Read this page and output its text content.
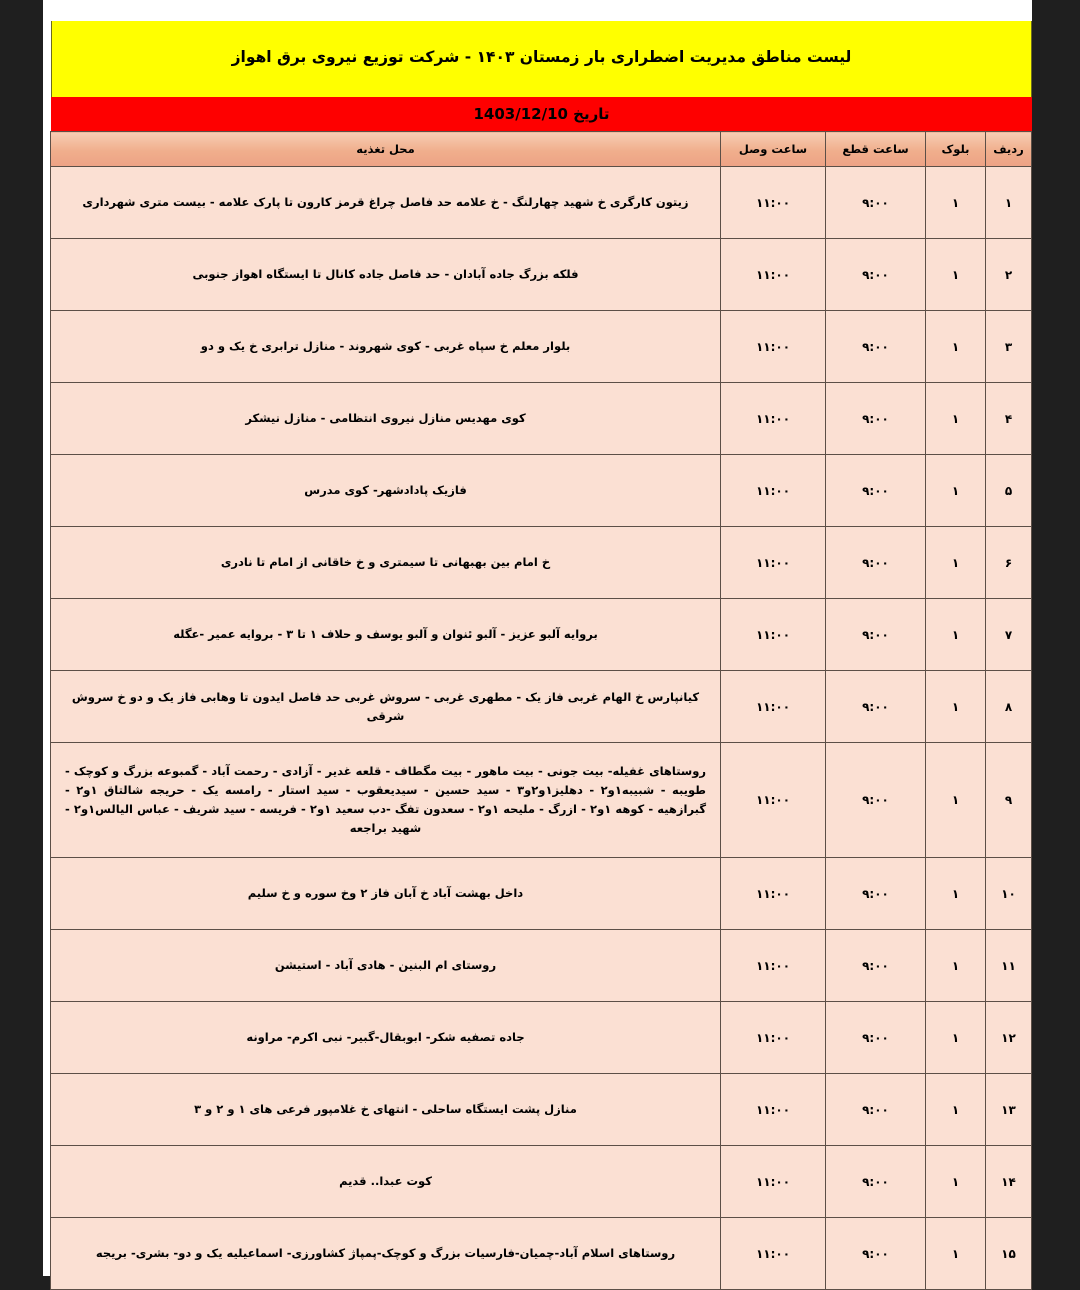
لیست مناطق مدیریت اضطراری بار زمستان ۱۴۰۳ - شرکت توزیع نیروی برق اهواز
تاریخ 1403/12/10
ردیف	بلوک	ساعت قطع	ساعت وصل	محل تغذیه
۱	۱	۹:۰۰	۱۱:۰۰	زیتون کارگری خ شهید چهارلنگ - خ علامه حد فاصل چراغ قرمز کارون تا پارک علامه - بیست متری شهرداری
۲	۱	۹:۰۰	۱۱:۰۰	فلکه بزرگ جاده آبادان - حد فاصل جاده کانال تا ایستگاه اهواز جنوبی
۳	۱	۹:۰۰	۱۱:۰۰	بلوار معلم خ سپاه غربی - کوی شهروند - منازل ترابری خ یک و دو
۴	۱	۹:۰۰	۱۱:۰۰	کوی مهدیس منازل نیروی انتظامی - منازل نیشکر
۵	۱	۹:۰۰	۱۱:۰۰	فازیک پادادشهر- کوی مدرس
۶	۱	۹:۰۰	۱۱:۰۰	خ امام بین بهبهانی تا سیمتری و خ خاقانی از امام تا نادری
۷	۱	۹:۰۰	۱۱:۰۰	بروایه آلبو عزیز - آلبو ئنوان و آلبو یوسف و حلاف ۱ تا ۳ - بروایه عمیر -عگله
۸	۱	۹:۰۰	۱۱:۰۰	کیانپارس خ الهام غربی فاز یک - مطهری غربی - سروش غربی حد فاصل ایدون تا وهابی فاز یک و دو خ سروش شرقی
۹	۱	۹:۰۰	۱۱:۰۰	روستاهای غفیله- بیت جونی - بیت ماهور - بیت مگطاف - قلعه غدیر - آزادی - رحمت آباد - گمبوعه بزرگ و کوچک - طویبه - شبیبه۱و۲ - دهلیز۱و۲و۳ - سید حسین - سیدیعقوب - سید استار - رامسه یک - حریجه شالتاق ۱و۲ - گبرازهیه - کوهه ۱و۲ - ازرگ - ملیحه ۱و۲ - سعدون تفگ -دب سعید ۱و۲ - فریسه - سید شریف - عباس الیالس۱و۲ - شهید براجعه
۱۰	۱	۹:۰۰	۱۱:۰۰	داخل بهشت آباد خ آبان فاز ۲ وخ سوره و خ سلیم
۱۱	۱	۹:۰۰	۱۱:۰۰	روستای ام البنین - هادی آباد - استیشن
۱۲	۱	۹:۰۰	۱۱:۰۰	جاده تصفیه شکر- ابوبقال-گبیر- نبی اکرم- مراونه
۱۳	۱	۹:۰۰	۱۱:۰۰	منازل پشت ایستگاه ساحلی - انتهای خ غلامپور فرعی های ۱ و ۲ و ۳
۱۴	۱	۹:۰۰	۱۱:۰۰	کوت عبدا.. قدیم
۱۵	۱	۹:۰۰	۱۱:۰۰	روستاهای اسلام آباد-چمیان-فارسیات بزرگ و کوچک-پمپاژ کشاورزی- اسماعیلیه یک و دو- بشری- بریجه
